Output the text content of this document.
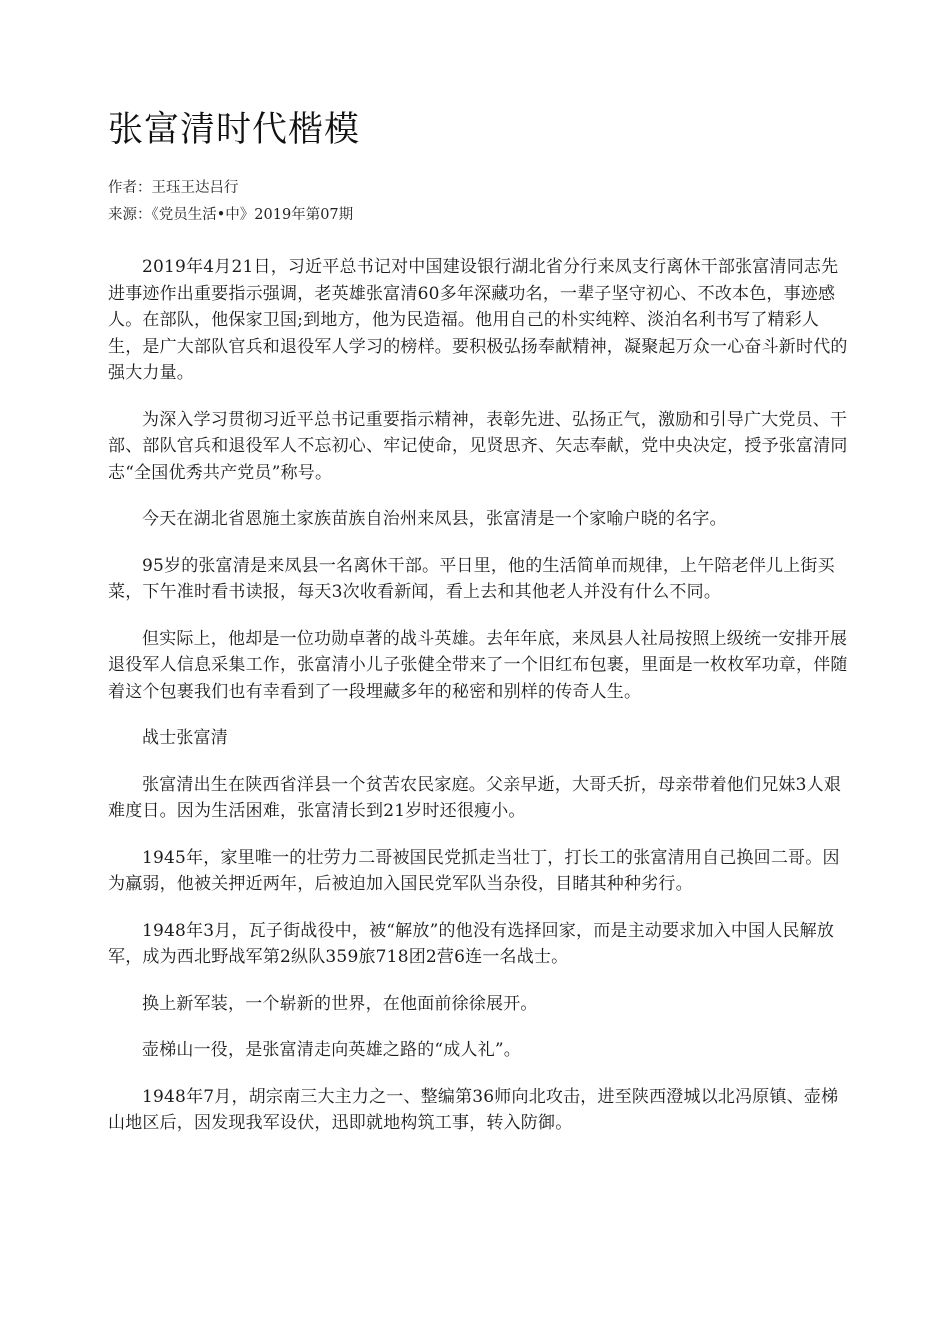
张富清时代楷模
作者：王珏王达吕行
来源：《党员生活•中》2019年第07期

2019年4月21日，习近平总书记对中国建设银行湖北省分行来凤支行离休干部张富清同志先进事迹作出重要指示强调，老英雄张富清60多年深藏功名，一辈子坚守初心、不改本色，事迹感人。在部队，他保家卫国;到地方，他为民造福。他用自己的朴实纯粹、淡泊名利书写了精彩人生，是广大部队官兵和退役军人学习的榜样。要积极弘扬奉献精神，凝聚起万众一心奋斗新时代的强大力量。

为深入学习贯彻习近平总书记重要指示精神，表彰先进、弘扬正气，激励和引导广大党员、干部、部队官兵和退役军人不忘初心、牢记使命，见贤思齐、矢志奉献，党中央决定，授予张富清同志“全国优秀共产党员”称号。

今天在湖北省恩施土家族苗族自治州来凤县，张富清是一个家喻户晓的名字。

95岁的张富清是来凤县一名离休干部。平日里，他的生活简单而规律，上午陪老伴儿上街买菜，下午准时看书读报，每天3次收看新闻，看上去和其他老人并没有什么不同。

但实际上，他却是一位功勋卓著的战斗英雄。去年年底，来凤县人社局按照上级统一安排开展退役军人信息采集工作，张富清小儿子张健全带来了一个旧红布包裹，里面是一枚枚军功章，伴随着这个包裹我们也有幸看到了一段埋藏多年的秘密和别样的传奇人生。

战士张富清

张富清出生在陕西省洋县一个贫苦农民家庭。父亲早逝，大哥夭折，母亲带着他们兄妹3人艰难度日。因为生活困难，张富清长到21岁时还很瘦小。

1945年，家里唯一的壮劳力二哥被国民党抓走当壮丁，打长工的张富清用自己换回二哥。因为羸弱，他被关押近两年，后被迫加入国民党军队当杂役，目睹其种种劣行。

1948年3月，瓦子街战役中，被“解放”的他没有选择回家，而是主动要求加入中国人民解放军，成为西北野战军第2纵队359旅718团2营6连一名战士。

换上新军装，一个崭新的世界，在他面前徐徐展开。

壶梯山一役，是张富清走向英雄之路的“成人礼”。

1948年7月，胡宗南三大主力之一、整编第36师向北攻击，进至陕西澄城以北冯原镇、壶梯山地区后，因发现我军设伏，迅即就地构筑工事，转入防御。
